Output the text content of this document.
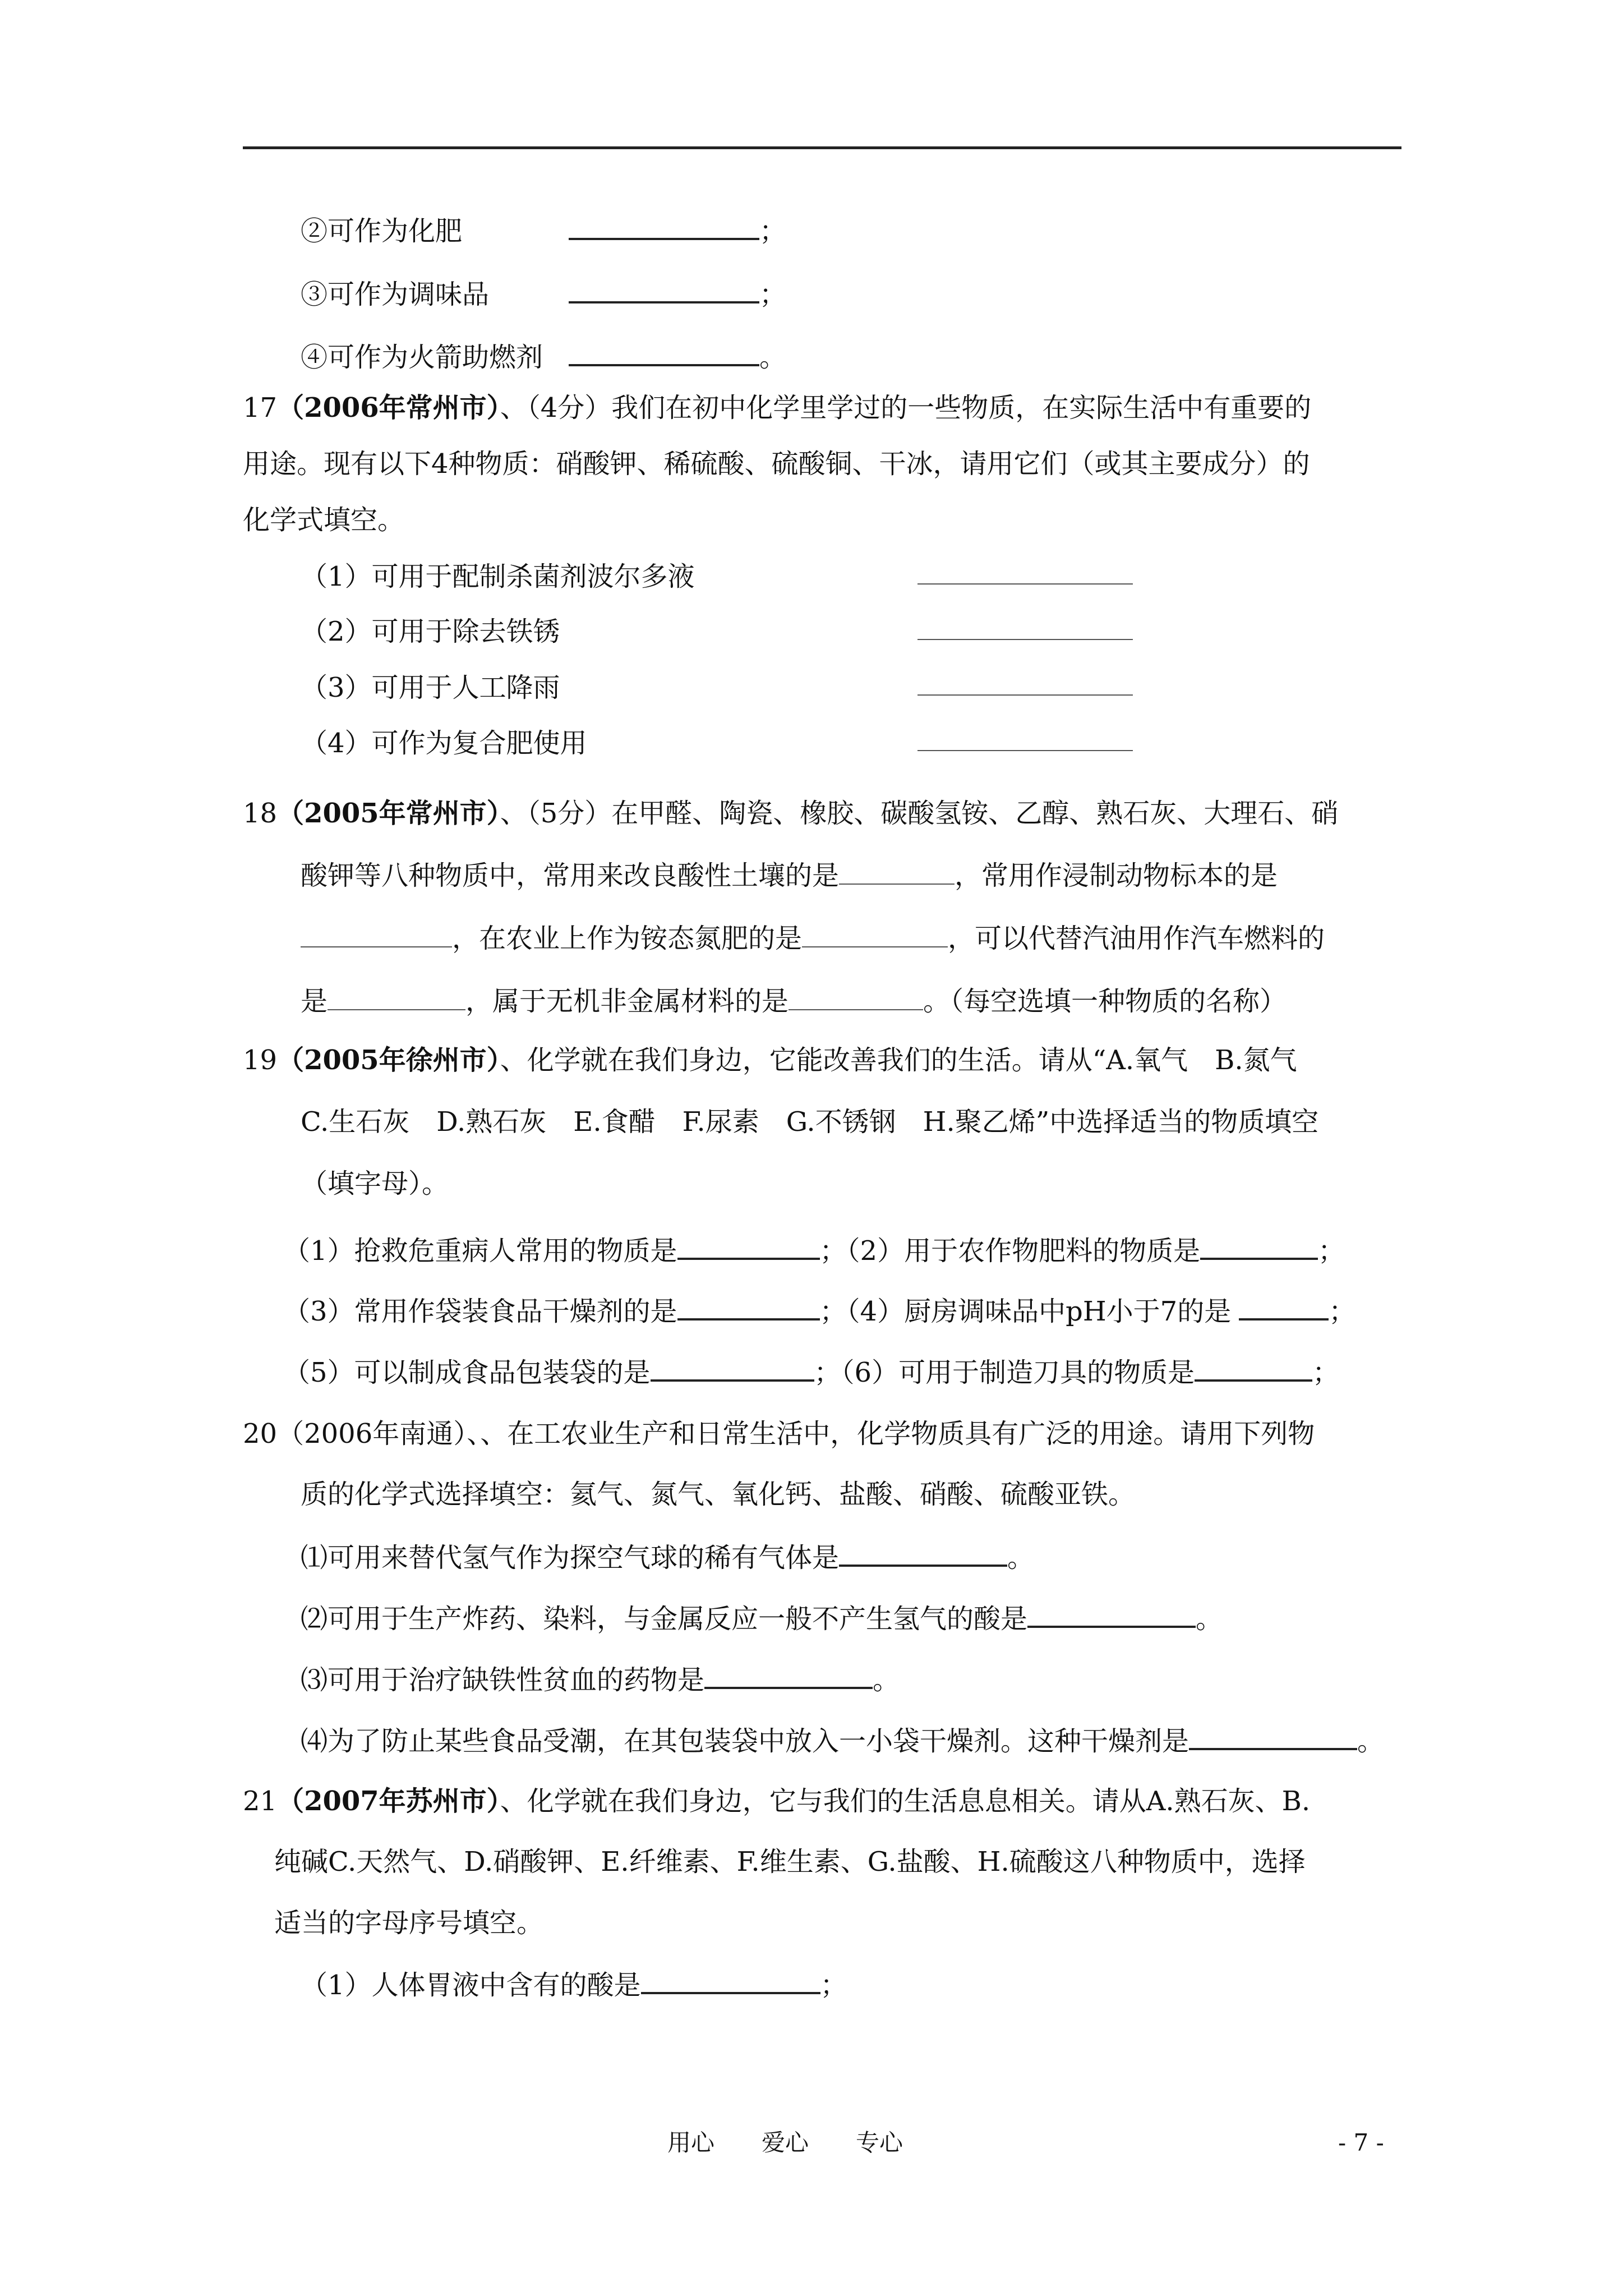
②可作为化肥	；
③可作为调味品	；
④可作为火箭助燃剂	。
17（2006年常州市）、（4分）我们在初中化学里学过的一些物质，在实际生活中有重要的
用途。现有以下4种物质：硝酸钾、稀硫酸、硫酸铜、干冰，请用它们（或其主要成分）的
化学式填空。
（1）可用于配制杀菌剂波尔多液
（2）可用于除去铁锈
（3）可用于人工降雨
（4）可作为复合肥使用
18（2005年常州市）、（5分）在甲醛、陶瓷、橡胶、碳酸氢铵、乙醇、熟石灰、大理石、硝
酸钾等八种物质中，常用来改良酸性土壤的是	，常用作浸制动物标本的是
，在农业上作为铵态氮肥的是	，可以代替汽油用作汽车燃料的
是	，属于无机非金属材料的是	。（每空选填一种物质的名称）
19（2005年徐州市）、化学就在我们身边，它能改善我们的生活。请从“A.氧气　B.氮气
C.生石灰　D.熟石灰　E.食醋　F.尿素　G.不锈钢　H.聚乙烯”中选择适当的物质填空
（填字母）。
（1）抢救危重病人常用的物质是	；（2）用于农作物肥料的物质是	；
（3）常用作袋装食品干燥剂的是	；（4）厨房调味品中pH小于7的是	；
（5）可以制成食品包装袋的是	；（6）可用于制造刀具的物质是	；
20（2006年南通）、、在工农业生产和日常生活中，化学物质具有广泛的用途。请用下列物
质的化学式选择填空：氦气、氮气、氧化钙、盐酸、硝酸、硫酸亚铁。
⑴可用来替代氢气作为探空气球的稀有气体是	。
⑵可用于生产炸药、染料，与金属反应一般不产生氢气的酸是	。
⑶可用于治疗缺铁性贫血的药物是	。
⑷为了防止某些食品受潮，在其包装袋中放入一小袋干燥剂。这种干燥剂是	。
21（2007年苏州市）、化学就在我们身边，它与我们的生活息息相关。请从A.熟石灰、B.
纯碱C.天然气、D.硝酸钾、E.纤维素、F.维生素、G.盐酸、H.硫酸这八种物质中，选择
适当的字母序号填空。
（1）人体胃液中含有的酸是	；
用心　　爱心　　专心	- 7 -
